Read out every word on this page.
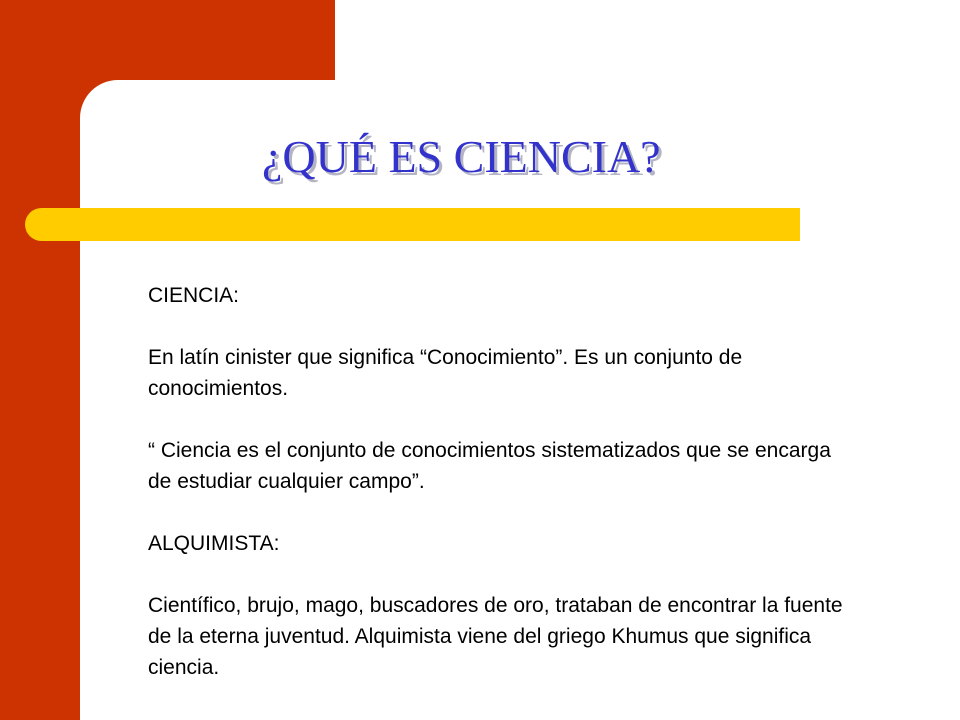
¿QUÉ ES CIENCIA?

CIENCIA:

En latín cinister que significa “Conocimiento”. Es un conjunto de conocimientos.

“ Ciencia es el conjunto de conocimientos sistematizados que se encarga de estudiar cualquier campo”.

ALQUIMISTA:

Científico, brujo, mago, buscadores de oro, trataban de encontrar la fuente de la eterna juventud. Alquimista viene del griego Khumus que significa ciencia.
